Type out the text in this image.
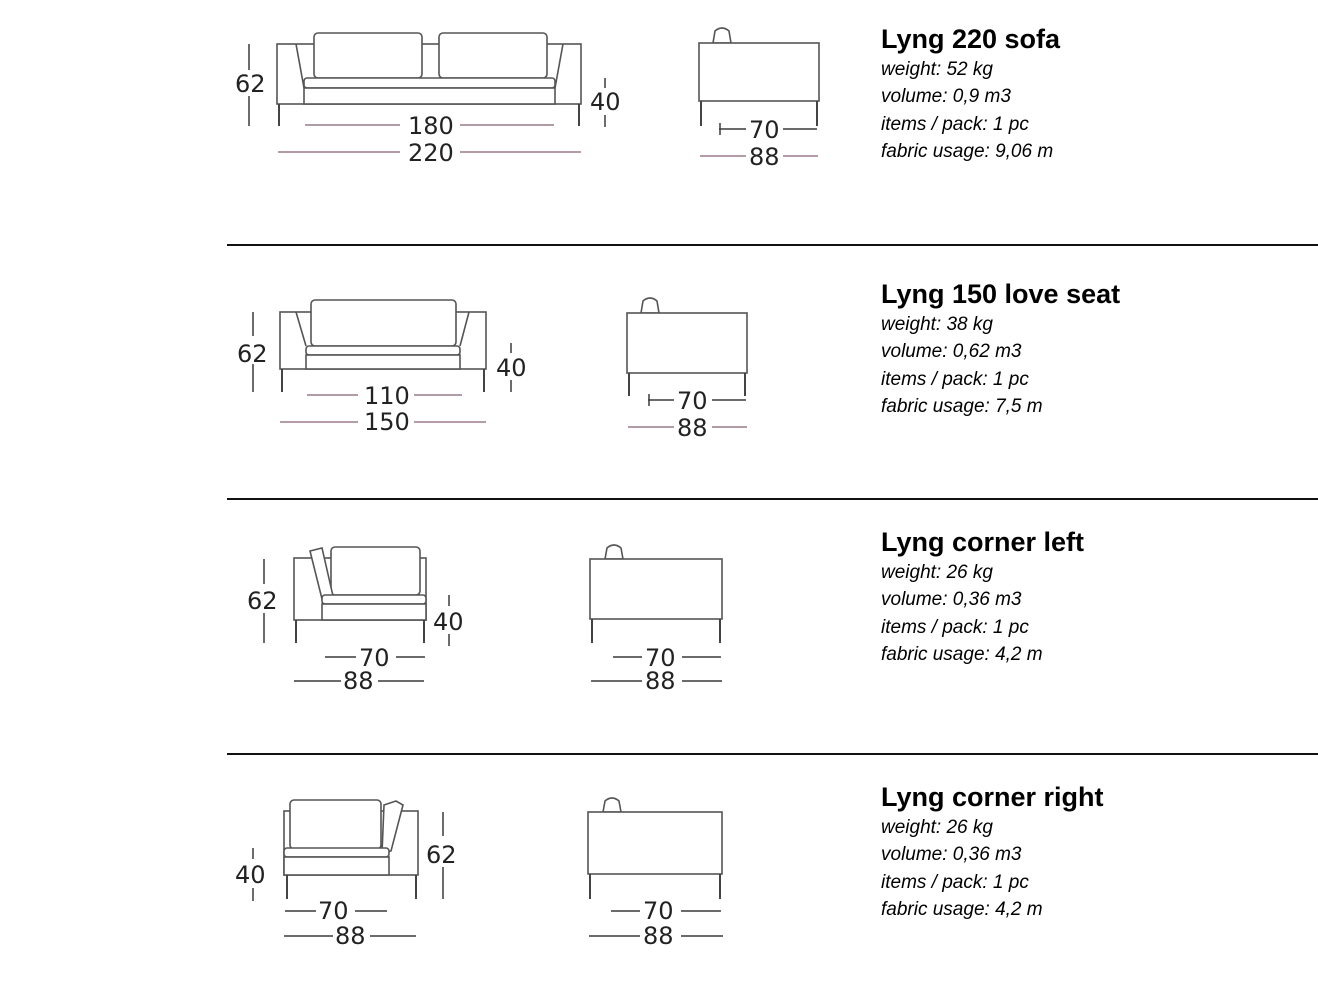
62
40
180
220
70
88
Lyng 220 sofa
weight: 52 kg
volume: 0,9 m3
items / pack: 1 pc
fabric usage: 9,06 m
62	40
110
150
70
88
Lyng 150 love seat
weight: 38 kg
volume: 0,62 m3
items / pack: 1 pc
fabric usage: 7,5 m
62
40
70
88
70
88
Lyng corner left
weight: 26 kg
volume: 0,36 m3
items / pack: 1 pc
fabric usage: 4,2 m
62
40
70
88
70
88
Lyng corner right
weight: 26 kg
volume: 0,36 m3
items / pack: 1 pc
fabric usage: 4,2 m
